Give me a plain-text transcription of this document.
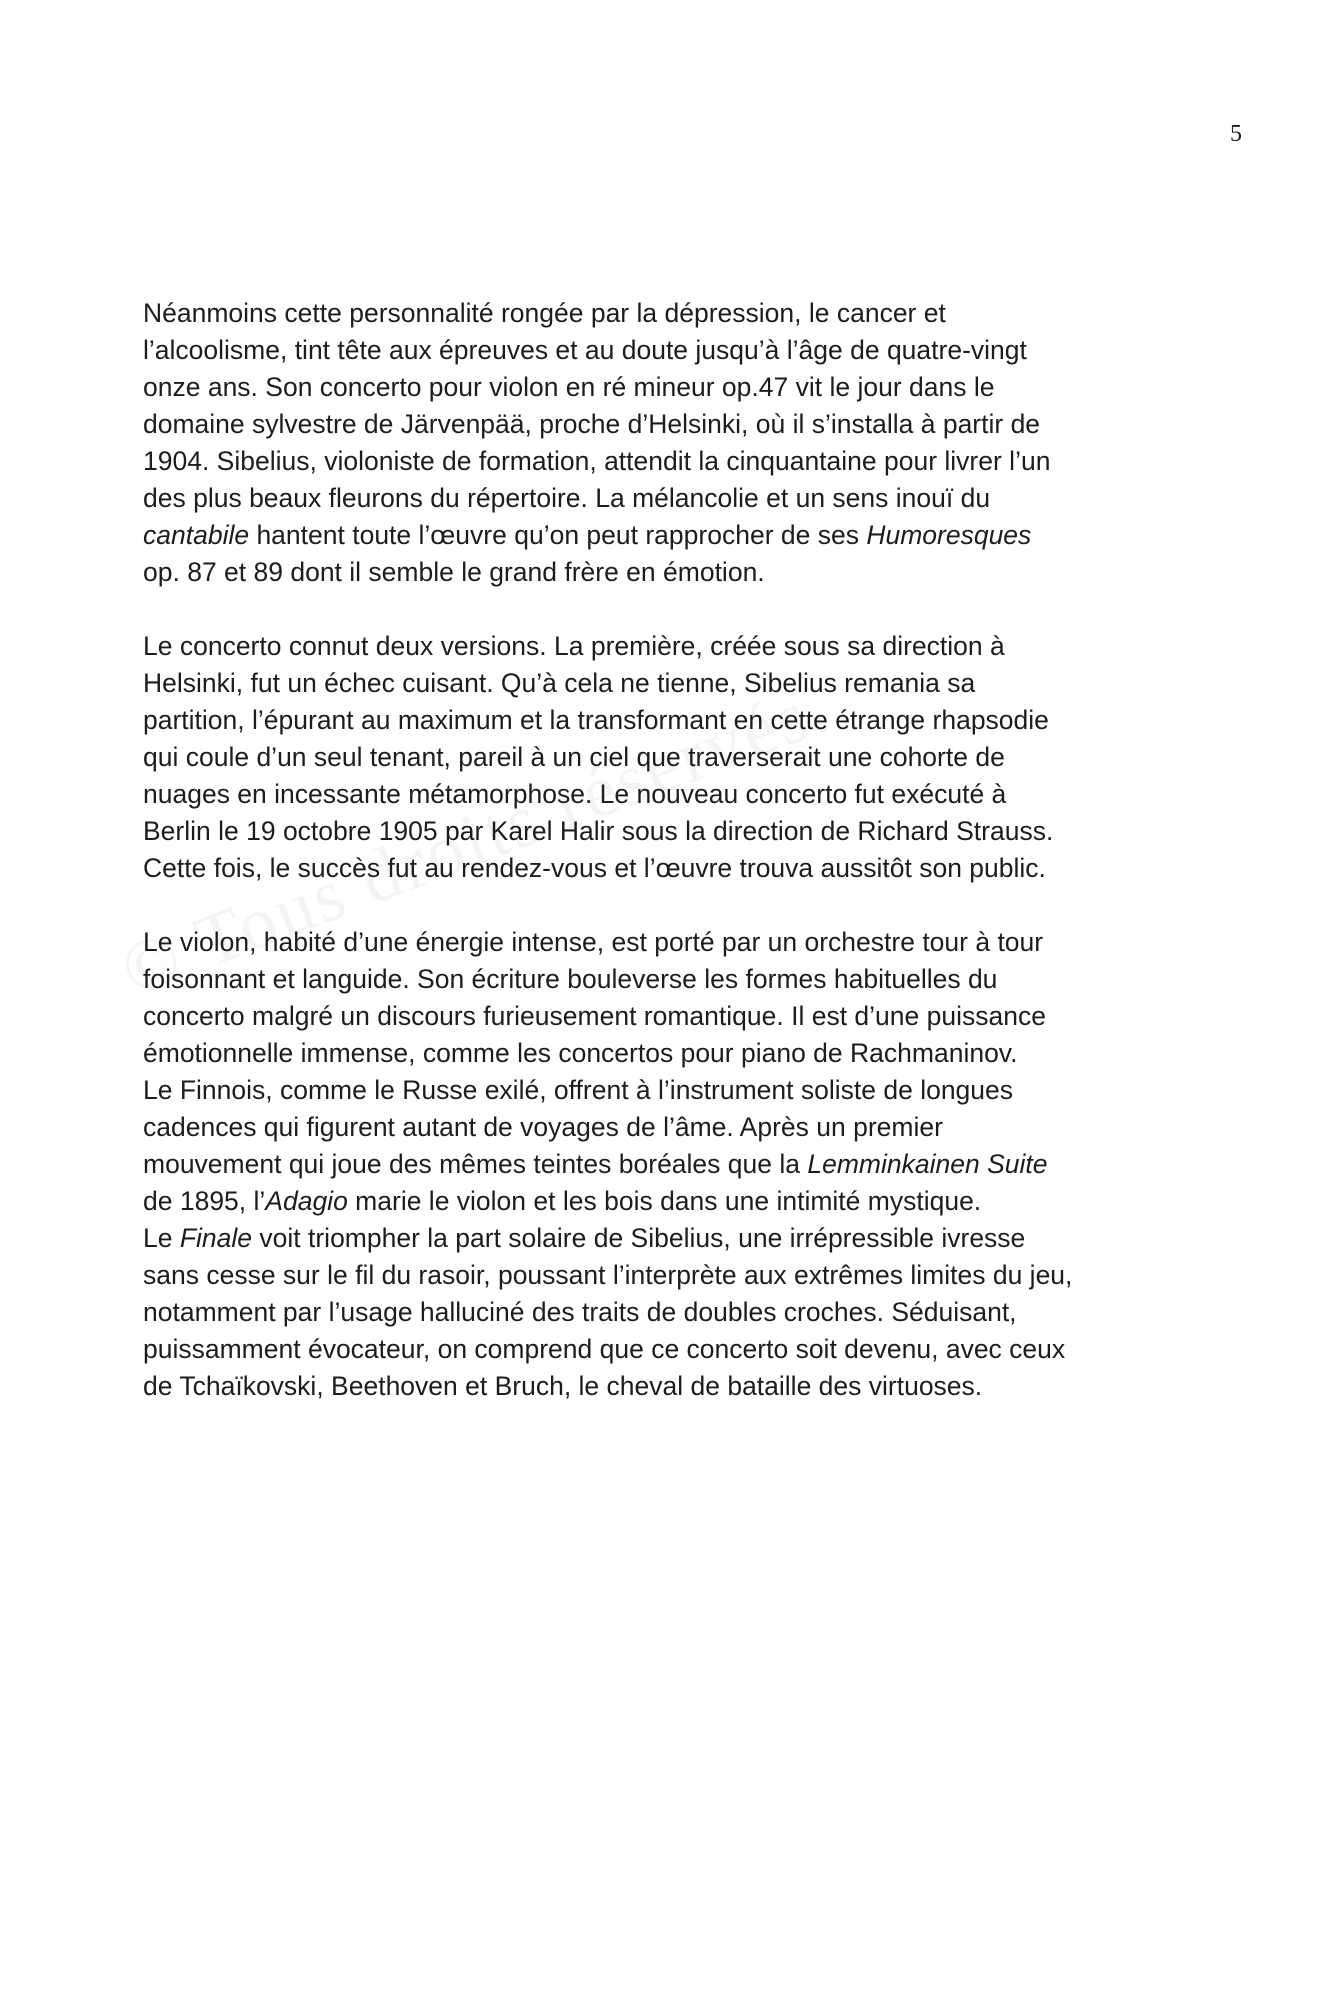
5
Néanmoins cette personnalité rongée par la dépression, le cancer et
l’alcoolisme, tint tête aux épreuves et au doute jusqu’à l’âge de quatre-vingt
onze ans. Son concerto pour violon en ré mineur op.47 vit le jour dans le
domaine sylvestre de Järvenpää, proche d’Helsinki, où il s’installa à partir de
1904. Sibelius, violoniste de formation, attendit la cinquantaine pour livrer l’un
des plus beaux fleurons du répertoire. La mélancolie et un sens inouï du
cantabile hantent toute l’œuvre qu’on peut rapprocher de ses Humoresques
op. 87 et 89 dont il semble le grand frère en émotion.
Le concerto connut deux versions. La première, créée sous sa direction à
Helsinki, fut un échec cuisant. Qu’à cela ne tienne, Sibelius remania sa
partition, l’épurant au maximum et la transformant en cette étrange rhapsodie
qui coule d’un seul tenant, pareil à un ciel que traverserait une cohorte de
nuages en incessante métamorphose. Le nouveau concerto fut exécuté à
Berlin le 19 octobre 1905 par Karel Halir sous la direction de Richard Strauss.
Cette fois, le succès fut au rendez-vous et l’œuvre trouva aussitôt son public.
Le violon, habité d’une énergie intense, est porté par un orchestre tour à tour
foisonnant et languide. Son écriture bouleverse les formes habituelles du
concerto malgré un discours furieusement romantique. Il est d’une puissance
émotionnelle immense, comme les concertos pour piano de Rachmaninov.
Le Finnois, comme le Russe exilé, offrent à l’instrument soliste de longues
cadences qui figurent autant de voyages de l’âme. Après un premier
mouvement qui joue des mêmes teintes boréales que la Lemminkainen Suite
de 1895, l’Adagio marie le violon et les bois dans une intimité mystique.
Le Finale voit triompher la part solaire de Sibelius, une irrépressible ivresse
sans cesse sur le fil du rasoir, poussant l’interprète aux extrêmes limites du jeu,
notamment par l’usage halluciné des traits de doubles croches. Séduisant,
puissamment évocateur, on comprend que ce concerto soit devenu, avec ceux
de Tchaïkovski, Beethoven et Bruch, le cheval de bataille des virtuoses.
